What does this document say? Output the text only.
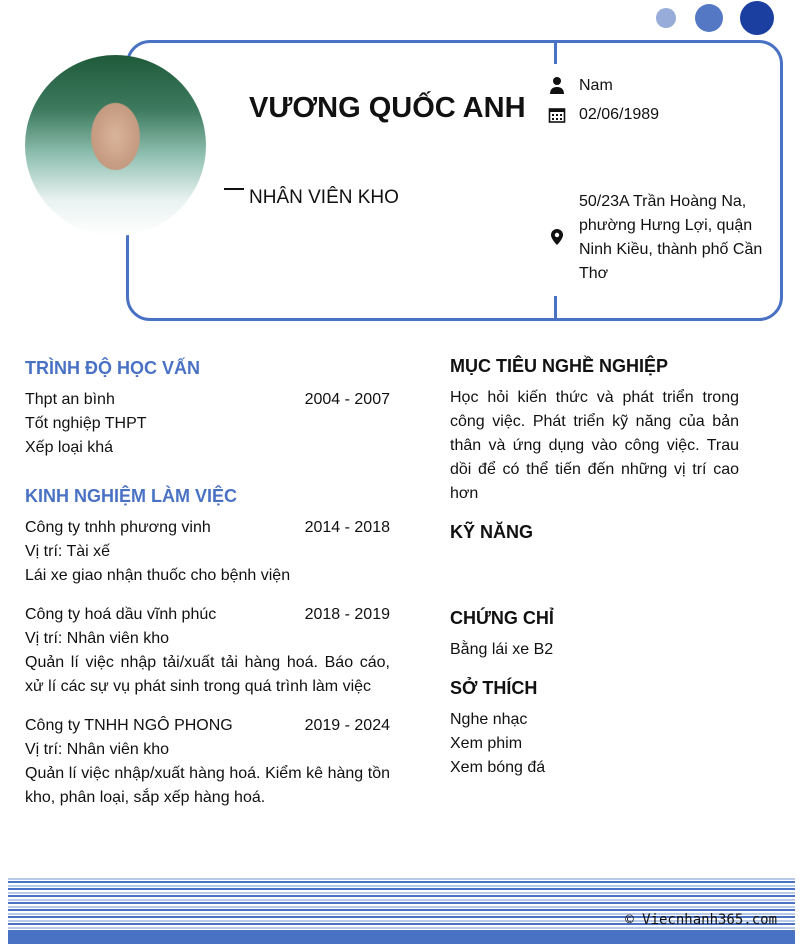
VƯƠNG QUỐC ANH
NHÂN VIÊN KHO
Nam
02/06/1989
50/23A Trần Hoàng Na, phường Hưng Lợi, quận Ninh Kiều, thành phố Cần Thơ
TRÌNH ĐỘ HỌC VẤN
Thpt an bình	2004 - 2007
Tốt nghiệp THPT
Xếp loại khá
KINH NGHIỆM LÀM VIỆC
Công ty tnhh phương vinh	2014 - 2018
Vị trí: Tài xế
Lái xe giao nhận thuốc cho bệnh viện
Công ty hoá dầu vĩnh phúc	2018 - 2019
Vị trí: Nhân viên kho
Quản lí việc nhập tải/xuất tải hàng hoá. Báo cáo, xử lí các sự vụ phát sinh trong quá trình làm việc
Công ty TNHH NGÔ PHONG	2019 - 2024
Vị trí: Nhân viên kho
Quản lí việc nhập/xuất hàng hoá. Kiểm kê hàng tồn kho, phân loại, sắp xếp hàng hoá.
MỤC TIÊU NGHỀ NGHIỆP
Học hỏi kiến thức và phát triển trong công việc. Phát triển kỹ năng của bản thân và ứng dụng vào công việc. Trau dồi để có thể tiến đến những vị trí cao hơn
KỸ NĂNG
CHỨNG CHỈ
Bằng lái xe B2
SỞ THÍCH
Nghe nhạc
Xem phim
Xem bóng đá
© Viecnhanh365.com
